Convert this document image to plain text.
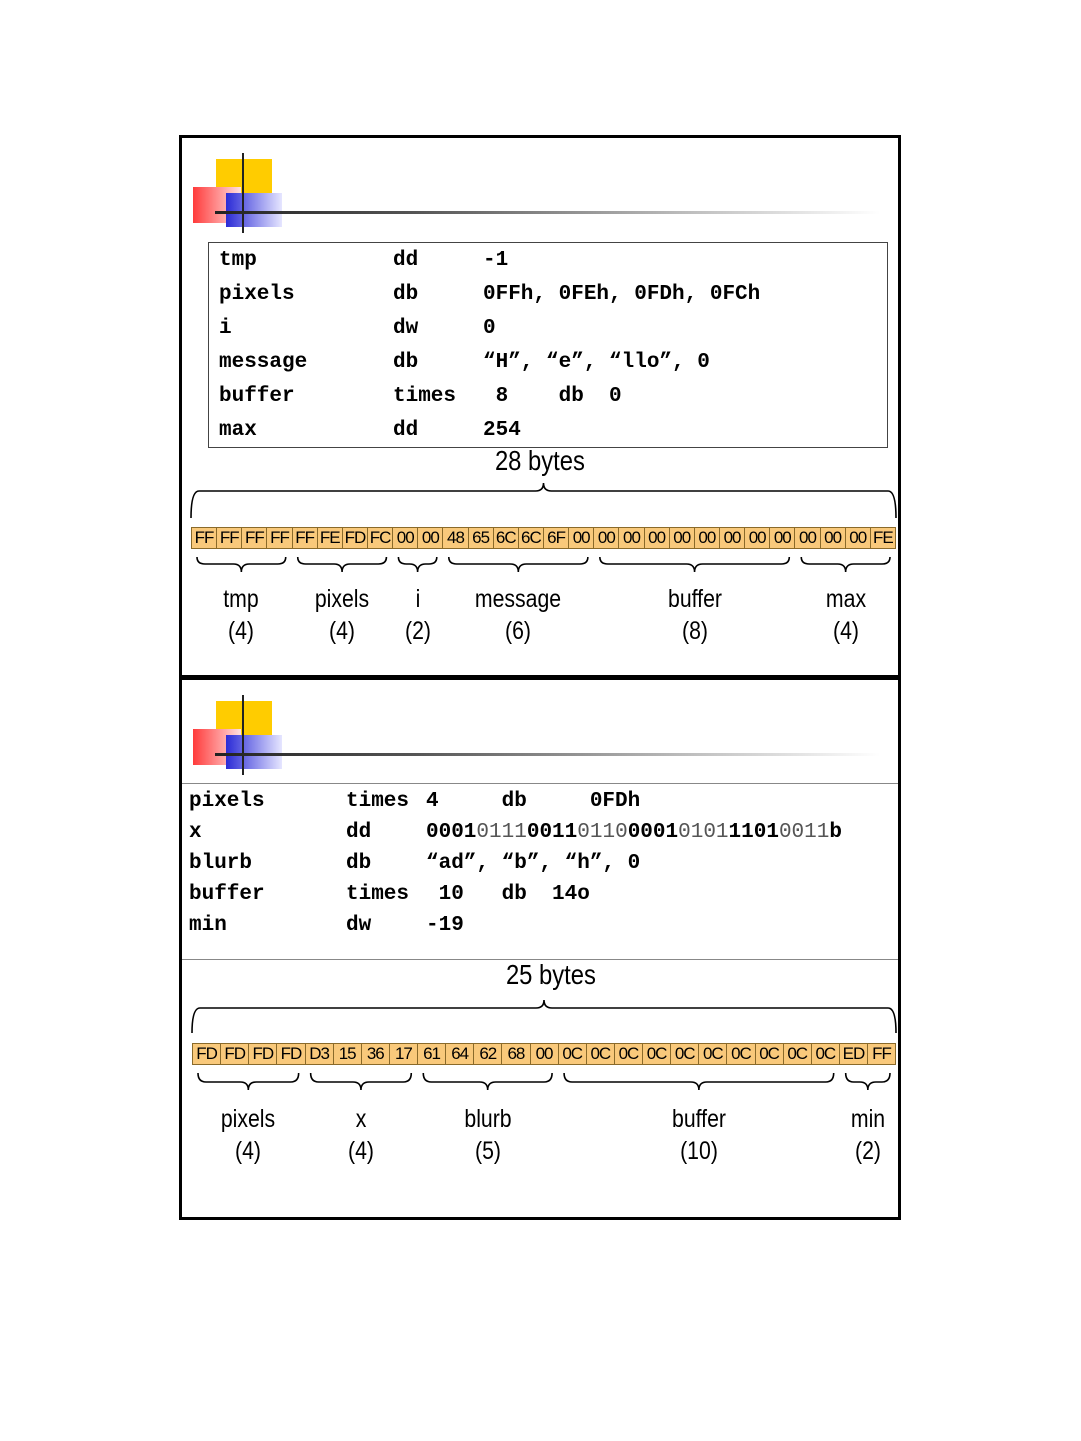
tmp	dd	-1
pixels	db	0FFh, 0FEh, 0FDh, 0FCh
i	dw	0
message	db	“H”, “e”, “llo”, 0
buffer	times 8    db  0
max	dd	254
28 bytes
FF FF FF FF FF FE FD FC 00 00 48 65 6C 6C 6F 00 00 00 00 00 00 00 00 00 00 00 00 FE
tmp
(4)
pixels
(4)
i
(2)
message
(6)
buffer
(8)
max
(4)
pixels	times 4     db     0FDh
x	dd	00010111001101100001010111010011b
blurb	db	“ad”, “b”, “h”, 0
buffer	times 10   db  14o
min	dw	-19
25 bytes
FD FD FD FD D3 15 36 17 61 64 62 68 00 0C 0C 0C 0C 0C 0C 0C 0C 0C 0C ED FF
pixels
(4)
x
(4)
blurb
(5)
buffer
(10)
min
(2)
